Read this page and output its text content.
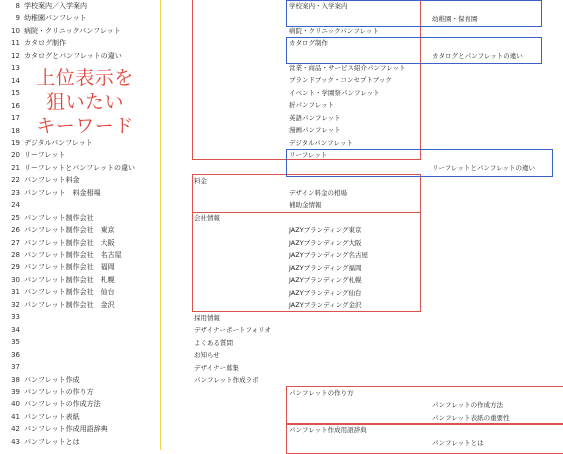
8 学校案内／入学案内
9 幼稚園パンフレット
10 病院・クリニックパンフレット
11 カタログ制作
12 カタログとパンフレットの違い
13
14
15
16
17
18
19 デジタルパンフレット
20 リーフレット
21 リーフレットとパンフレットの違い
22 パンフレット料金
23 パンフレット　料金相場
24
25 パンフレット制作会社
26 パンフレット制作会社　東京
27 パンフレット制作会社　大阪
28 パンフレット制作会社　名古屋
29 パンフレット制作会社　福岡
30 パンフレット制作会社　札幌
31 パンフレット制作会社　仙台
32 パンフレット制作会社　金沢
33
34
35
36
37
38 パンフレット作成
39 パンフレットの作り方
40 パンフレットの作成方法
41 パンフレット表紙
42 パンフレット作成用語辞典
43 パンフレットとは
上位表示を
狙いたい
キーワード
料金
会社情報
採用情報
デザイナーポートフォリオ
よくある質問
お知らせ
デザイナー募集
パンフレット作成ラボ
学校案内・入学案内
病院・クリニックパンフレット
カタログ制作
営業・商品・サービス紹介パンフレット
ブランドブック・コンセプトブック
イベント・学園祭パンフレット
折パンフレット
英語パンフレット
漫画パンフレット
デジタルパンフレット
リーフレット
デザイン料金の相場
補助金情報
JAZYブランディング東京
JAZYブランディング大阪
JAZYブランディング名古屋
JAZYブランディング福岡
JAZYブランディング札幌
JAZYブランディング仙台
JAZYブランディング金沢
パンフレットの作り方
パンフレット作成用語辞典
幼稚園・保育園
カタログとパンフレットの違い
リーフレットとパンフレットの違い
パンフレットの作成方法
パンフレット表紙の重要性
パンフレットとは
